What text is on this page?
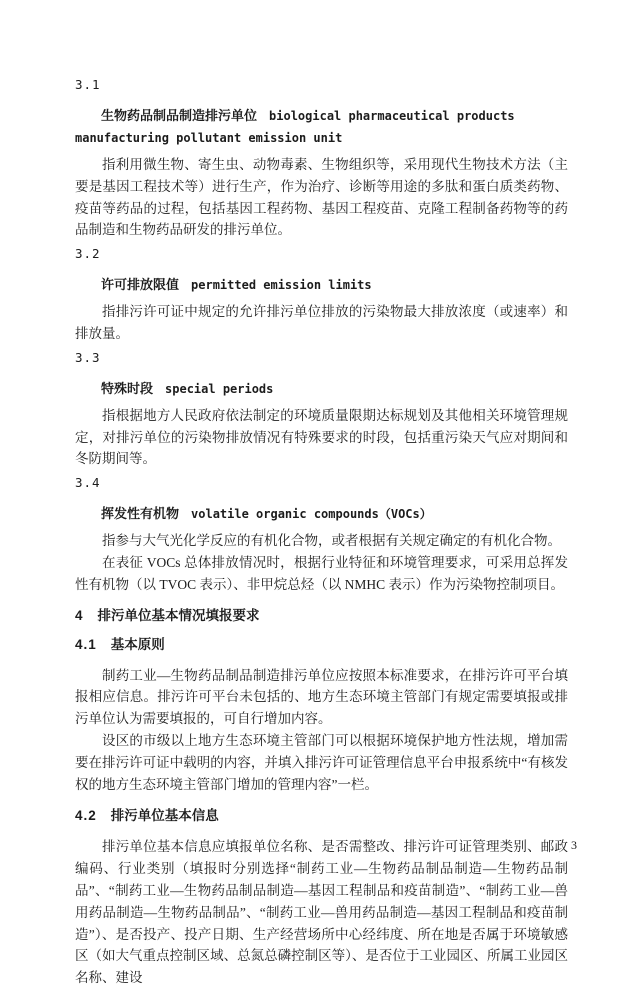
3.1
生物药品制品制造排污单位 biological pharmaceutical products manufacturing pollutant emission unit

指利用微生物、寄生虫、动物毒素、生物组织等，采用现代生物技术方法（主要是基因工程技术等）进行生产，作为治疗、诊断等用途的多肽和蛋白质类药物、疫苗等药品的过程，包括基因工程药物、基因工程疫苗、克隆工程制备药物等的药品制造和生物药品研发的排污单位。

3.2
许可排放限值 permitted emission limits

指排污许可证中规定的允许排污单位排放的污染物最大排放浓度（或速率）和排放量。

3.3
特殊时段 special periods

指根据地方人民政府依法制定的环境质量限期达标规划及其他相关环境管理规定，对排污单位的污染物排放情况有特殊要求的时段，包括重污染天气应对期间和冬防期间等。

3.4
挥发性有机物 volatile organic compounds（VOCs）

指参与大气光化学反应的有机化合物，或者根据有关规定确定的有机化合物。

在表征 VOCs 总体排放情况时，根据行业特征和环境管理要求，可采用总挥发性有机物（以 TVOC 表示）、非甲烷总烃（以 NMHC 表示）作为污染物控制项目。

4 排污单位基本情况填报要求
4.1 基本原则

制药工业—生物药品制品制造排污单位应按照本标准要求，在排污许可平台填报相应信息。排污许可平台未包括的、地方生态环境主管部门有规定需要填报或排污单位认为需要填报的，可自行增加内容。

设区的市级以上地方生态环境主管部门可以根据环境保护地方性法规，增加需要在排污许可证中载明的内容，并填入排污许可证管理信息平台申报系统中“有核发权的地方生态环境主管部门增加的管理内容”一栏。

4.2 排污单位基本信息

排污单位基本信息应填报单位名称、是否需整改、排污许可证管理类别、邮政编码、行业类别（填报时分别选择“制药工业—生物药品制品制造—生物药品制品”、“制药工业—生物药品制品制造—基因工程制品和疫苗制造”、“制药工业—兽用药品制造—生物药品制品”、“制药工业—兽用药品制造—基因工程制品和疫苗制造”）、是否投产、投产日期、生产经营场所中心经纬度、所在地是否属于环境敏感区（如大气重点控制区域、总氮总磷控制区等）、是否位于工业园区、所属工业园区名称、建设

3
